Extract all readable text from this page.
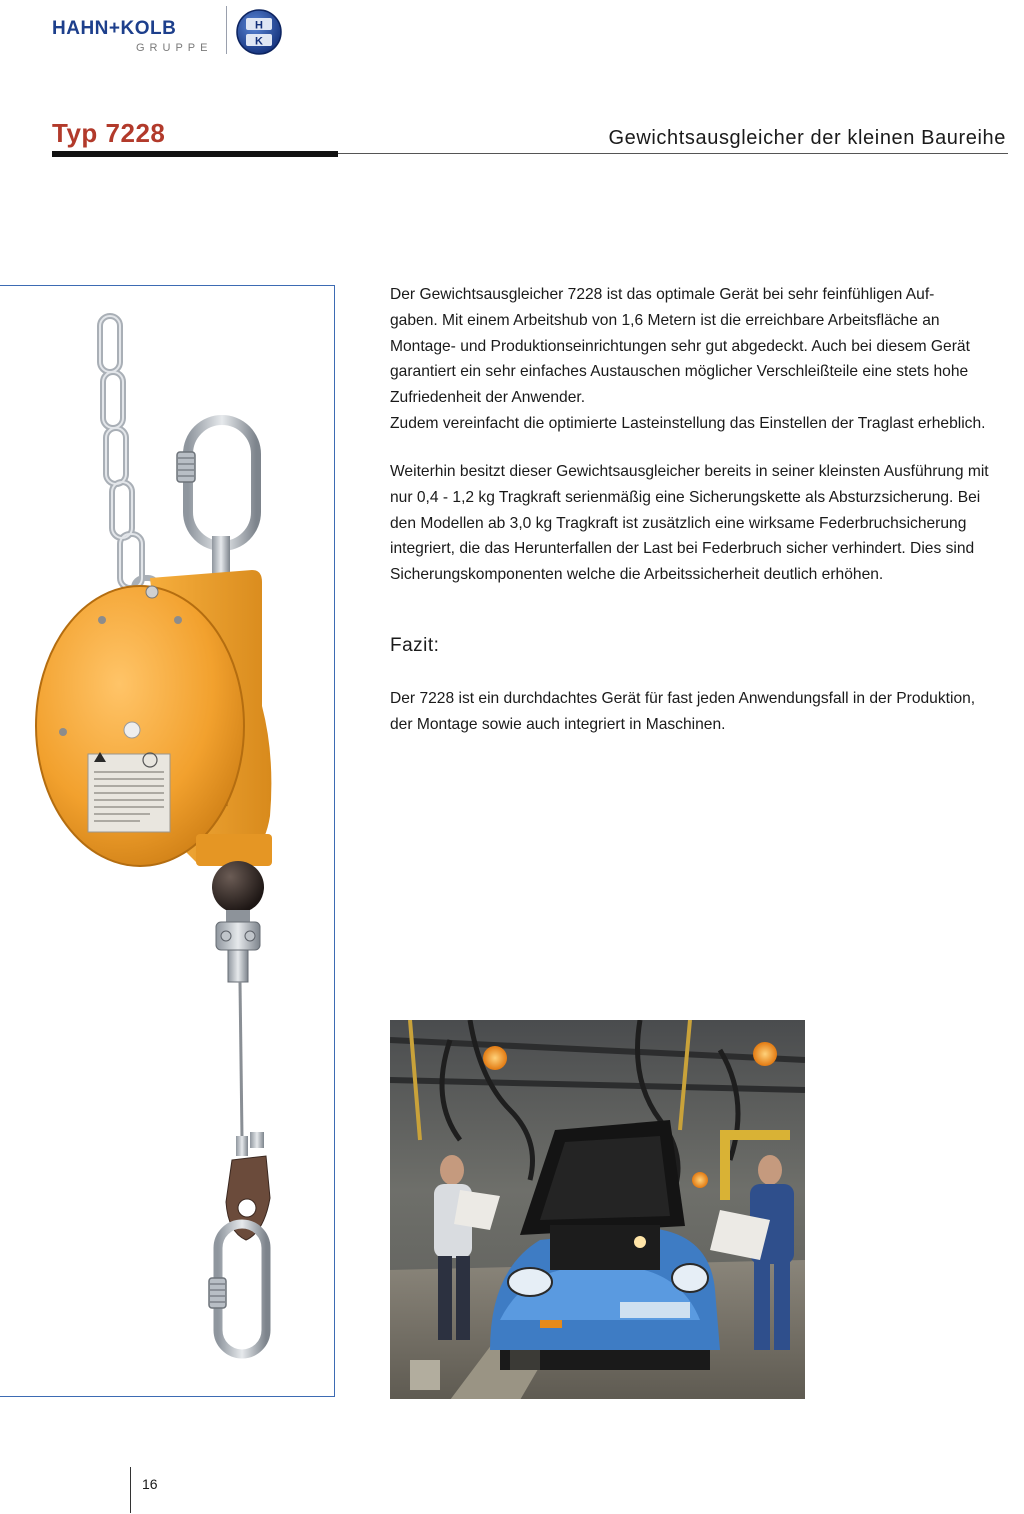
HAHN+KOLB
GRUPPE
H
K
Typ 7228	Gewichtsausgleicher der kleinen Baureihe

Der Gewichtsausgleicher 7228 ist das optimale Gerät bei sehr feinfühligen Auf-

gaben. Mit einem Arbeitshub von 1,6 Metern ist die erreichbare Arbeitsfläche an

Montage- und Produktionseinrichtungen sehr gut abgedeckt. Auch bei diesem Gerät

garantiert ein sehr einfaches Austauschen möglicher Verschleißteile eine stets hohe

Zufriedenheit der Anwender.

Zudem vereinfacht die optimierte Lasteinstellung das Einstellen der Traglast erheblich.

Weiterhin besitzt dieser Gewichtsausgleicher bereits in seiner kleinsten Ausführung mit

nur 0,4 - 1,2 kg Tragkraft serienmäßig eine Sicherungskette als Absturzsicherung. Bei

den Modellen ab 3,0 kg Tragkraft ist zusätzlich eine wirksame Federbruchsicherung

integriert, die das Herunterfallen der Last bei Federbruch sicher verhindert. Dies sind

Sicherungskomponenten welche die Arbeitssicherheit deutlich erhöhen.

Fazit:

Der 7228 ist ein durchdachtes Gerät für fast jeden Anwendungsfall in der Produktion,

der Montage sowie auch integriert in Maschinen.

16
